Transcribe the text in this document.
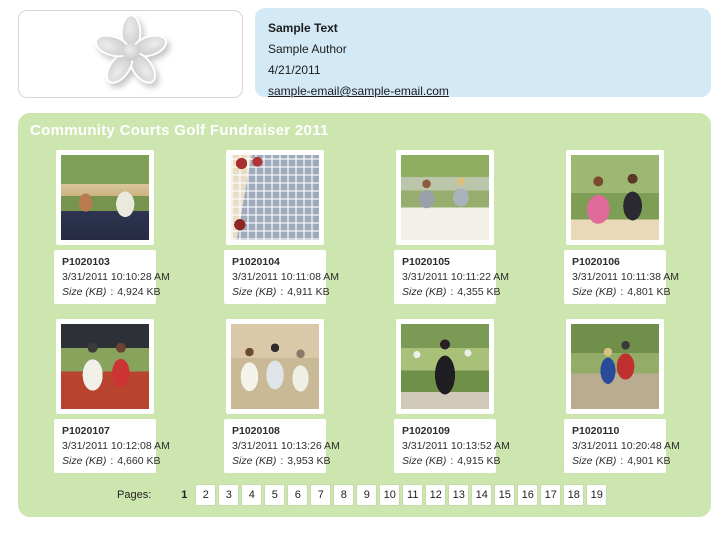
Sample Text
Sample Author
4/21/2011
sample-email@sample-email.com
Community Courts Golf Fundraiser 2011
P1020103
3/31/2011 10:10:28 AM
Size (KB) : 4,924 KB
P1020104
3/31/2011 10:11:08 AM
Size (KB) : 4,911 KB
P1020105
3/31/2011 10:11:22 AM
Size (KB) : 4,355 KB
P1020106
3/31/2011 10:11:38 AM
Size (KB) : 4,801 KB
P1020107
3/31/2011 10:12:08 AM
Size (KB) : 4,660 KB
P1020108
3/31/2011 10:13:26 AM
Size (KB) : 3,953 KB
P1020109
3/31/2011 10:13:52 AM
Size (KB) : 4,915 KB
P1020110
3/31/2011 10:20:48 AM
Size (KB) : 4,901 KB
Pages:	1	2	3	4	5	6	7	8	9	10	11	12 13 14 15 16 17 18 19
